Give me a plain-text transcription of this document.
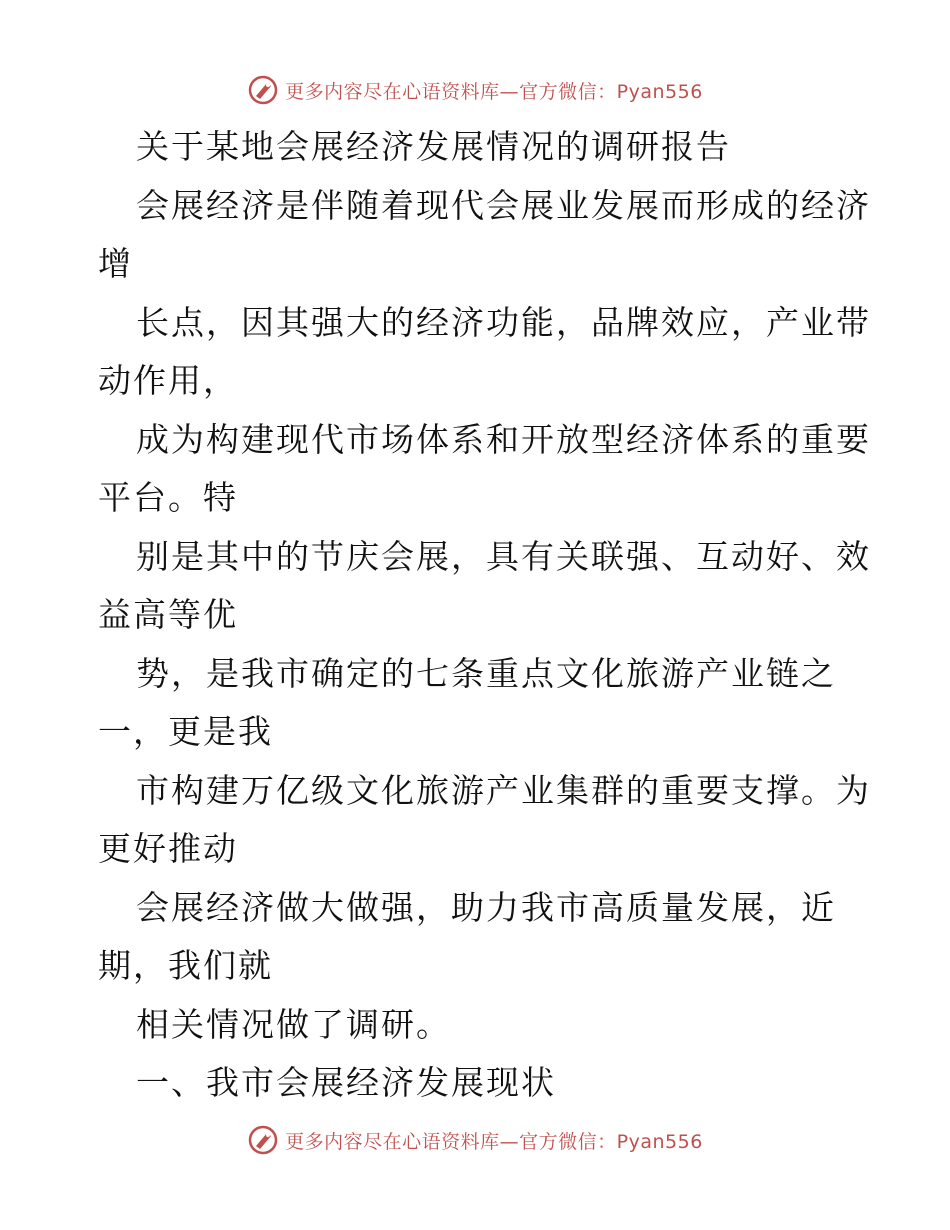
更多内容尽在心语资料库—官方微信：Pyan556
关于某地会展经济发展情况的调研报告
会展经济是伴随着现代会展业发展而形成的经济
增
长点，因其强大的经济功能，品牌效应，产业带
动作用，
成为构建现代市场体系和开放型经济体系的重要
平台。特
别是其中的节庆会展，具有关联强、互动好、效
益高等优
势，是我市确定的七条重点文化旅游产业链之
一，更是我
市构建万亿级文化旅游产业集群的重要支撑。为
更好推动
会展经济做大做强，助力我市高质量发展，近
期，我们就
相关情况做了调研。
一、我市会展经济发展现状
更多内容尽在心语资料库—官方微信：Pyan556
